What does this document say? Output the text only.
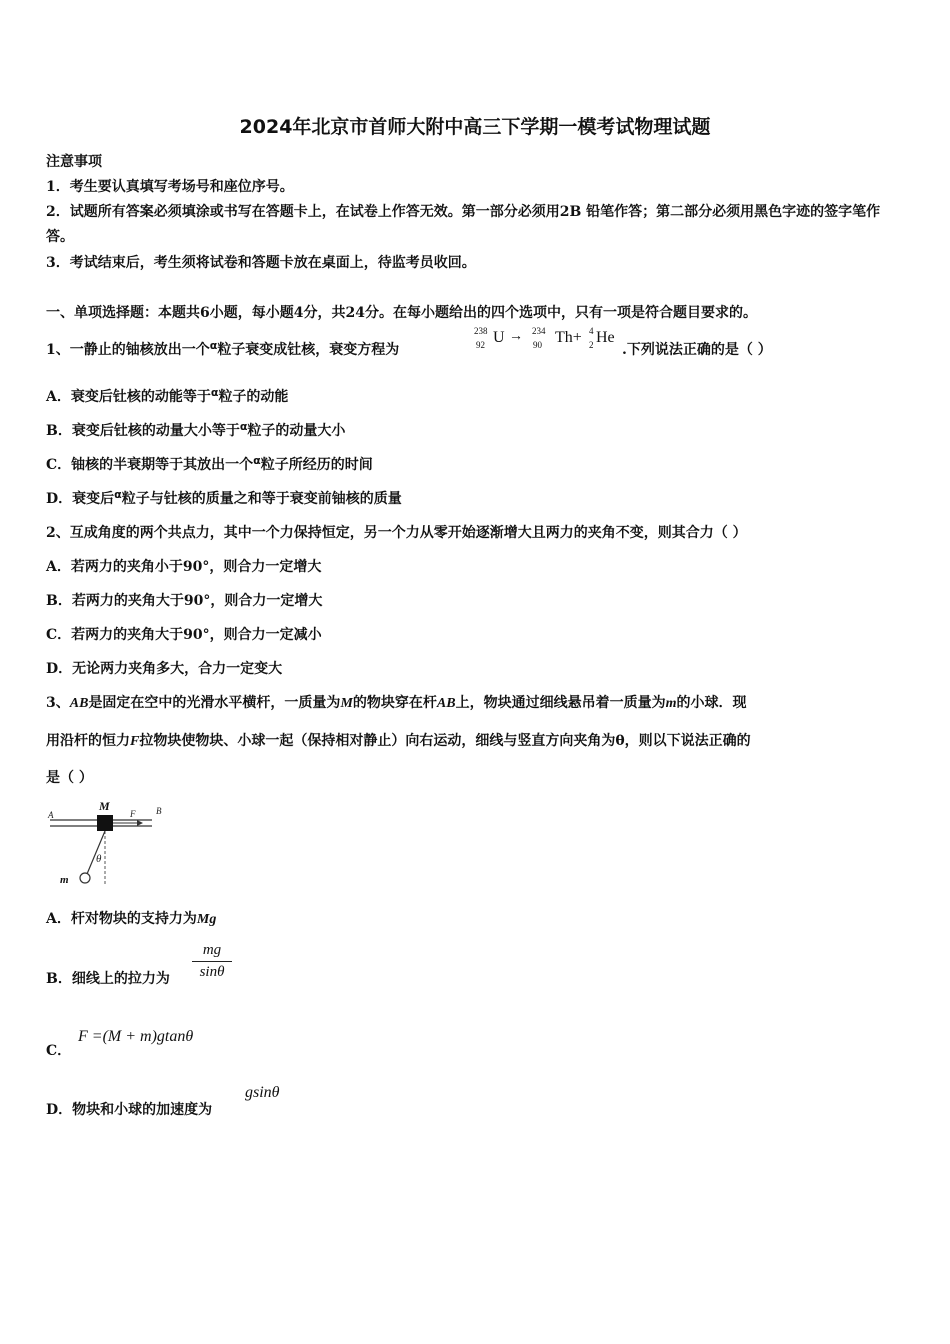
2024年北京市首师大附中高三下学期一模考试物理试题
注意事项
1．考生要认真填写考场号和座位序号。
2．试题所有答案必须填涂或书写在答题卡上，在试卷上作答无效。第一部分必须用2B 铅笔作答；第二部分必须用黑色字迹的签字笔作答。
3．考试结束后，考生须将试卷和答题卡放在桌面上，待监考员收回。
一、单项选择题：本题共6小题，每小题4分，共24分。在每小题给出的四个选项中，只有一项是符合题目要求的。
1、一静止的铀核放出一个$^\alpha$粒子衰变成钍核，衰变方程为
238
92 U → 234
90 Th+ 4
2 He
.下列说法正确的是（ ）
A．衰变后钍核的动能等于$^\alpha$粒子的动能
B．衰变后钍核的动量大小等于$^\alpha$粒子的动量大小
C．铀核的半衰期等于其放出一个$^\alpha$粒子所经历的时间
D．衰变后$^\alpha$粒子与钍核的质量之和等于衰变前铀核的质量
2、互成角度的两个共点力，其中一个力保持恒定，另一个力从零开始逐渐增大且两力的夹角不变，则其合力（ ）
A．若两力的夹角小于90°，则合力一定增大
B．若两力的夹角大于90°，则合力一定增大
C．若两力的夹角大于90°，则合力一定减小
D．无论两力夹角多大，合力一定变大
3、AB是固定在空中的光滑水平横杆，一质量为M的物块穿在杆AB上，物块通过细线悬吊着一质量为m的小球．现
用沿杆的恒力F拉物块使物块、小球一起（保持相对静止）向右运动，细线与竖直方向夹角为θ，则以下说法正确的
是（ ）
A
M
F B
θ
m
A．杆对物块的支持力为Mg
B．细线上的拉力为 $\frac{mg}{\sin\theta}$
C．
F =(M + m)gtanθ
D．物块和小球的加速度为
gsinθ
